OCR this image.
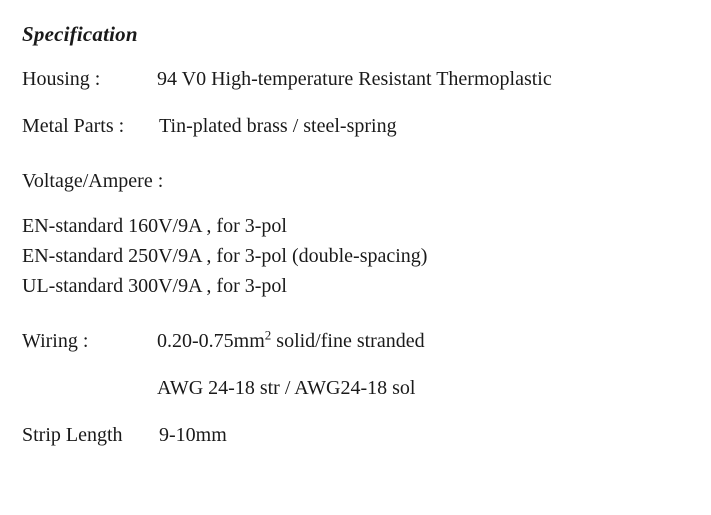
Specification
Housing :	94 V0 High-temperature Resistant Thermoplastic
Metal Parts :	Tin-plated brass / steel-spring
Voltage/Ampere :
EN-standard 160V/9A , for 3-pol
EN-standard 250V/9A , for 3-pol (double-spacing)
UL-standard 300V/9A , for 3-pol
Wiring :	$0.20-0.75mm^2$ solid/fine stranded
AWG 24-18 str / AWG24-18 sol
Strip Length	9-10mm
